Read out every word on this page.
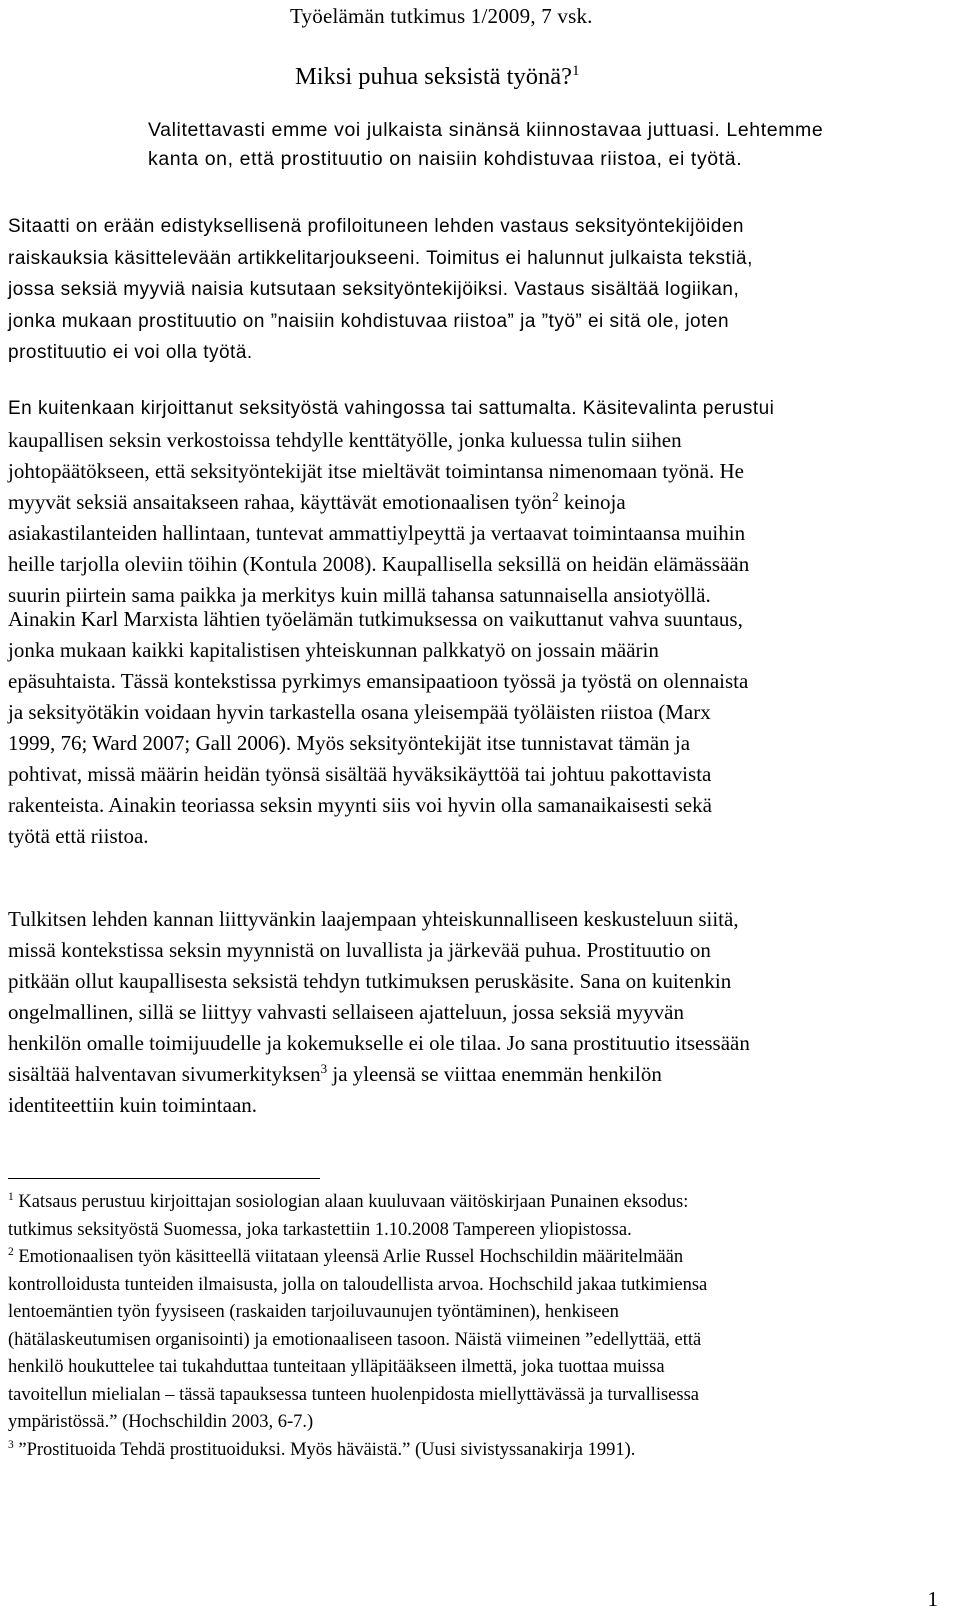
Työelämän tutkimus 1/2009, 7 vsk.
Miksi puhua seksistä työnä?$^1$
Valitettavasti emme voi julkaista sinänsä kiinnostavaa juttuasi. Lehtemme
kanta on, että prostituutio on naisiin kohdistuvaa riistoa, ei työtä.
Sitaatti on erään edistyksellisenä profiloituneen lehden vastaus seksityöntekijöiden
raiskauksia käsittelevään artikkelitarjoukseeni. Toimitus ei halunnut julkaista tekstiä,
jossa seksiä myyviä naisia kutsutaan seksityöntekijöiksi. Vastaus sisältää logiikan,
jonka mukaan prostituutio on ”naisiin kohdistuvaa riistoa” ja ”työ” ei sitä ole, joten
prostituutio ei voi olla työtä.
En kuitenkaan kirjoittanut seksityöstä vahingossa tai sattumalta. Käsitevalinta perustui
kaupallisen seksin verkostoissa tehdylle kenttätyölle, jonka kuluessa tulin siihen
johtopäätökseen, että seksityöntekijät itse mieltävät toimintansa nimenomaan työnä. He
myyvät seksiä ansaitakseen rahaa, käyttävät emotionaalisen työn$^2$ keinoja
asiakastilanteiden hallintaan, tuntevat ammattiylpeyttä ja vertaavat toimintaansa muihin
heille tarjolla oleviin töihin (Kontula 2008). Kaupallisella seksillä on heidän elämässään
suurin piirtein sama paikka ja merkitys kuin millä tahansa satunnaisella ansiotyöllä.
Ainakin Karl Marxista lähtien työelämän tutkimuksessa on vaikuttanut vahva suuntaus,
jonka mukaan kaikki kapitalistisen yhteiskunnan palkkatyö on jossain määrin
epäsuhtaista. Tässä kontekstissa pyrkimys emansipaatioon työssä ja työstä on olennaista
ja seksityötäkin voidaan hyvin tarkastella osana yleisempää työläisten riistoa (Marx
1999, 76; Ward 2007; Gall 2006). Myös seksityöntekijät itse tunnistavat tämän ja
pohtivat, missä määrin heidän työnsä sisältää hyväksikäyttöä tai johtuu pakottavista
rakenteista. Ainakin teoriassa seksin myynti siis voi hyvin olla samanaikaisesti sekä
työtä että riistoa.
Tulkitsen lehden kannan liittyvänkin laajempaan yhteiskunnalliseen keskusteluun siitä,
missä kontekstissa seksin myynnistä on luvallista ja järkevää puhua. Prostituutio on
pitkään ollut kaupallisesta seksistä tehdyn tutkimuksen peruskäsite. Sana on kuitenkin
ongelmallinen, sillä se liittyy vahvasti sellaiseen ajatteluun, jossa seksiä myyvän
henkilön omalle toimijuudelle ja kokemukselle ei ole tilaa. Jo sana prostituutio itsessään
sisältää halventavan sivumerkityksen$^3$ ja yleensä se viittaa enemmän henkilön
identiteettiin kuin toimintaan.
$^1$ Katsaus perustuu kirjoittajan sosiologian alaan kuuluvaan väitöskirjaan Punainen eksodus:
tutkimus seksityöstä Suomessa, joka tarkastettiin 1.10.2008 Tampereen yliopistossa.
$^2$ Emotionaalisen työn käsitteellä viitataan yleensä Arlie Russel Hochschildin määritelmään
kontrolloidusta tunteiden ilmaisusta, jolla on taloudellista arvoa. Hochschild jakaa tutkimiensa
lentoemäntien työn fyysiseen (raskaiden tarjoiluvaunujen työntäminen), henkiseen
(hätälaskeutumisen organisointi) ja emotionaaliseen tasoon. Näistä viimeinen ”edellyttää, että
henkilö houkuttelee tai tukahduttaa tunteitaan ylläpitääkseen ilmettä, joka tuottaa muissa
tavoitellun mielialan – tässä tapauksessa tunteen huolenpidosta miellyttävässä ja turvallisessa
ympäristössä.” (Hochschildin 2003, 6-7.)
$^3$ ”Prostituoida Tehdä prostituoiduksi. Myös häväistä.” (Uusi sivistyssanakirja 1991).
1
